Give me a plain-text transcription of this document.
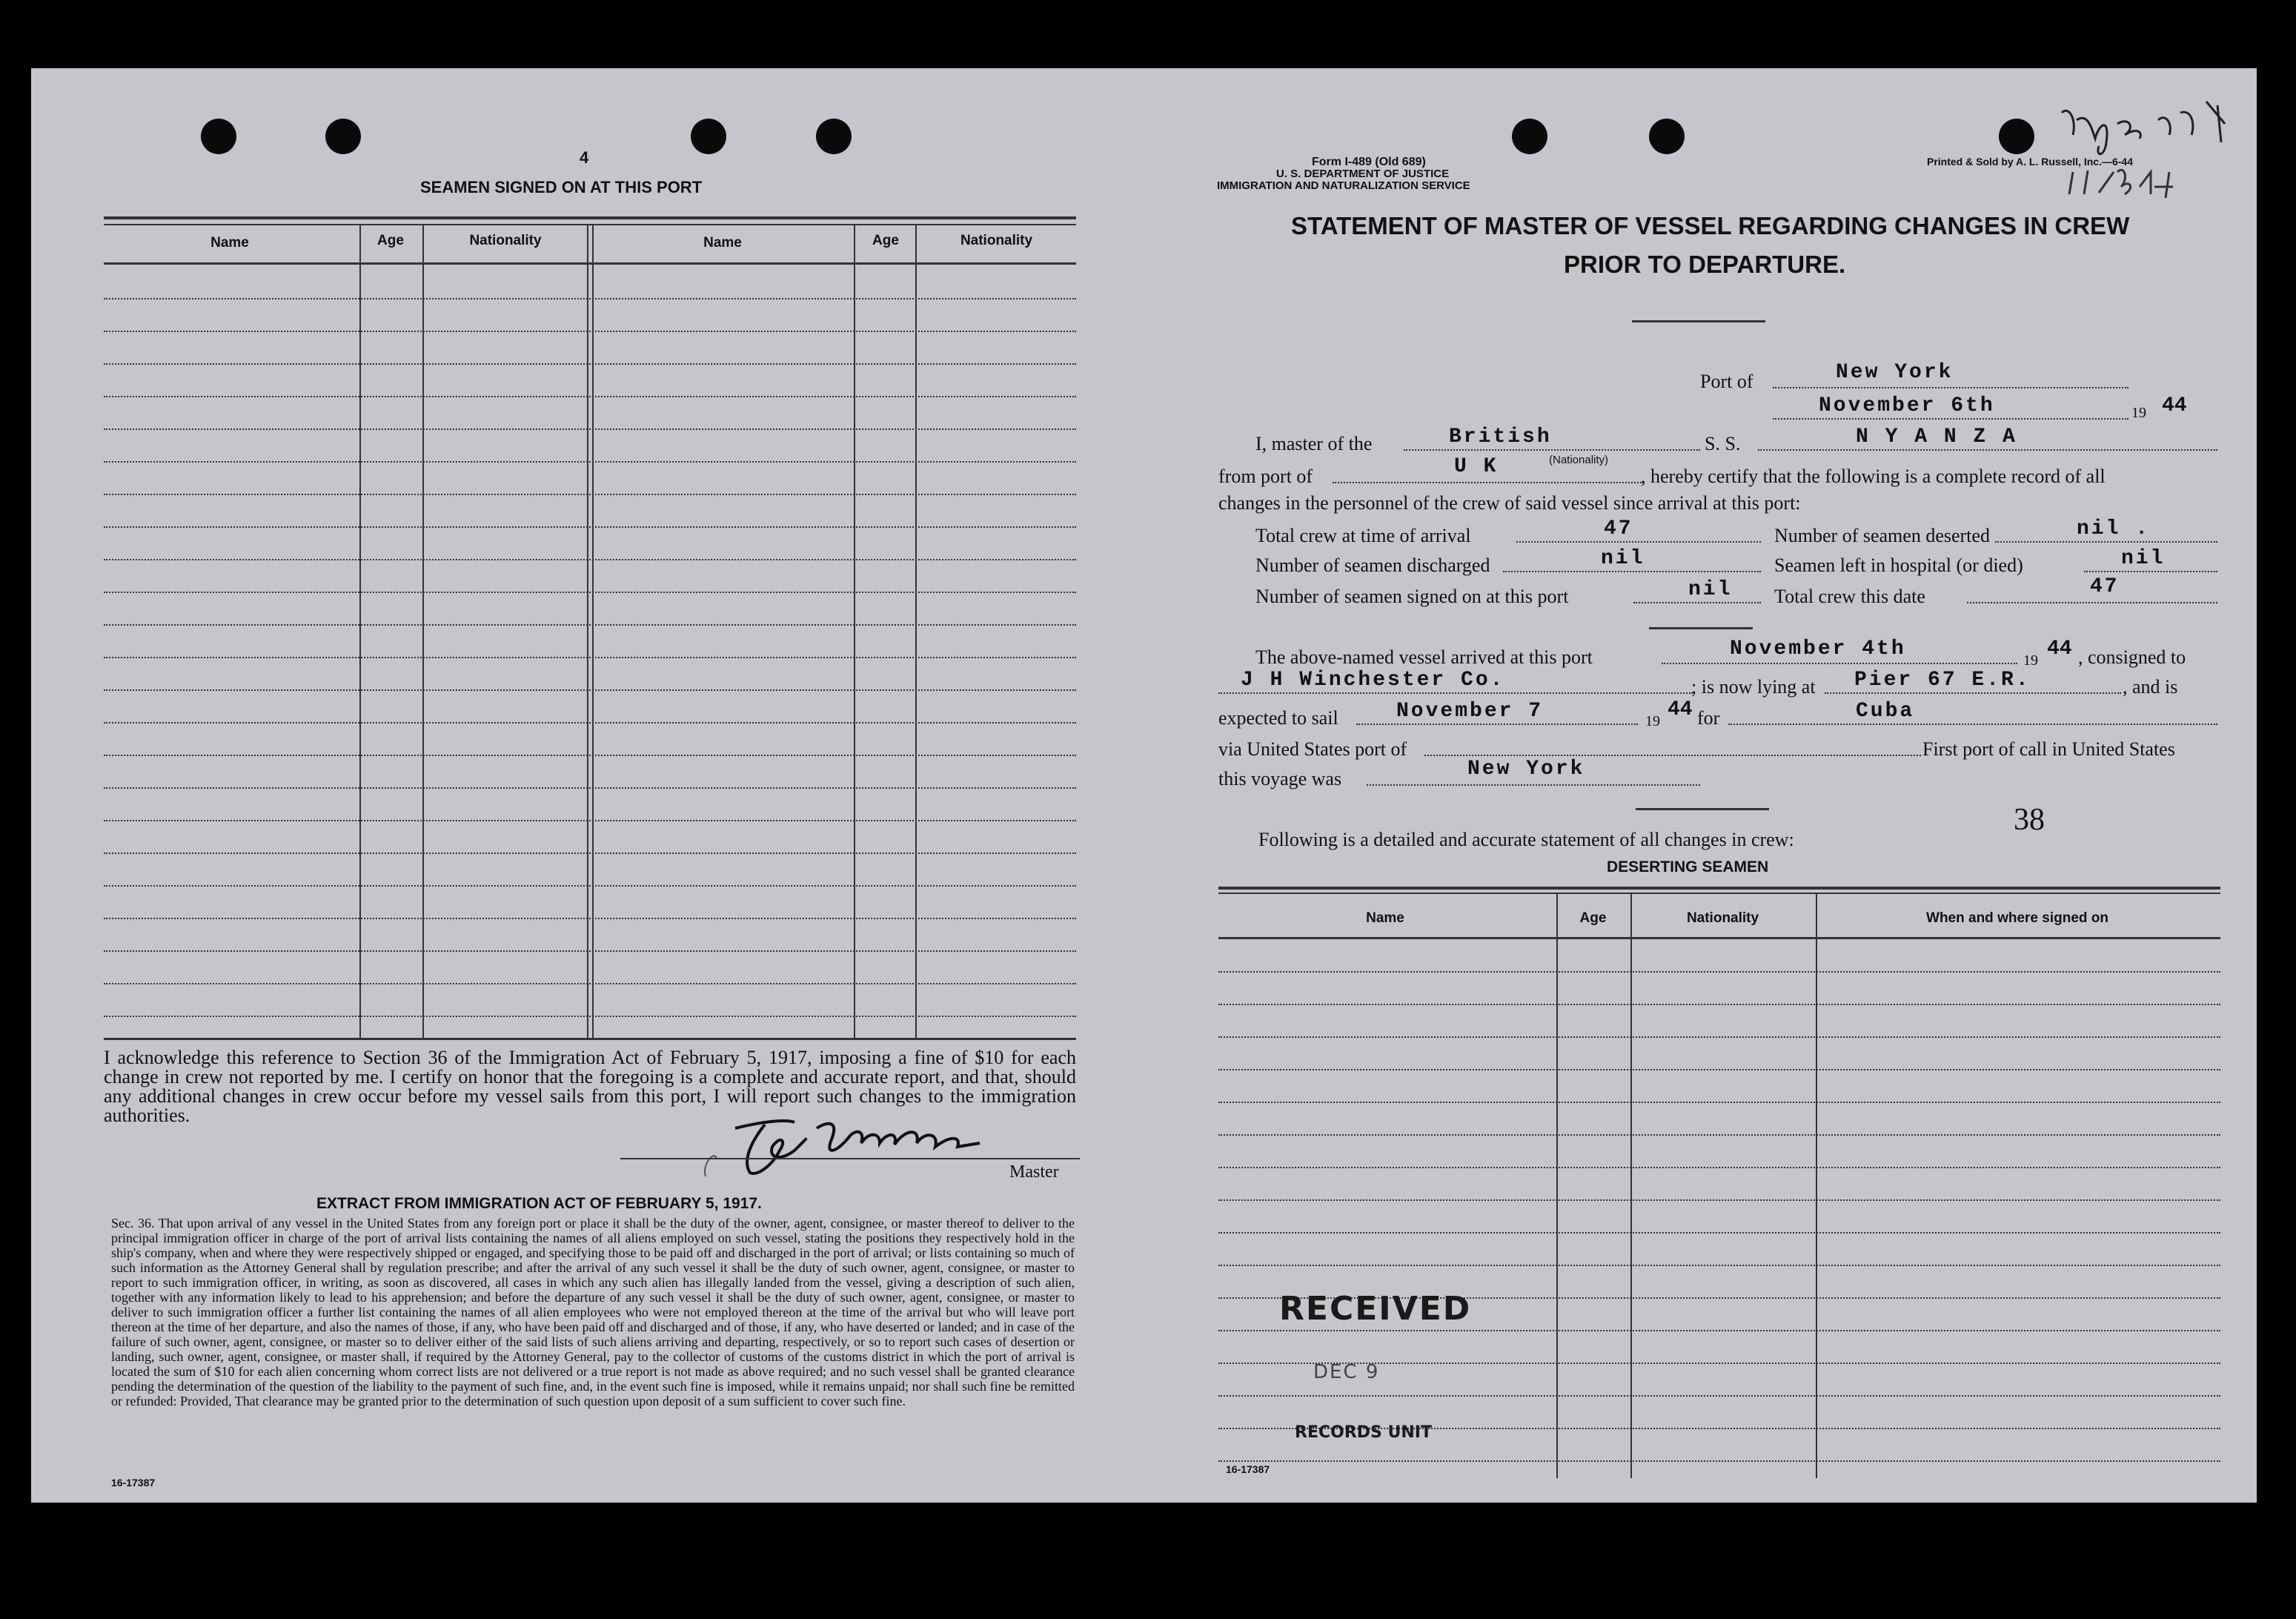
4
SEAMEN SIGNED ON AT THIS PORT
Name	Age	Nationality	Name	Age	Nationality
I acknowledge this reference to Section 36 of the Immigration Act of February 5, 1917, imposing a fine of $10 for each change in crew not reported by me. I certify on honor that the foregoing is a complete and accurate report, and that, should any additional changes in crew occur before my vessel sails from this port, I will report such changes to the immigration authorities.
Master
EXTRACT FROM IMMIGRATION ACT OF FEBRUARY 5, 1917.
Sec. 36. That upon arrival of any vessel in the United States from any foreign port or place it shall be the duty of the owner, agent, consignee, or master thereof to deliver to the principal immigration officer in charge of the port of arrival lists containing the names of all aliens employed on such vessel, stating the positions they respectively hold in the ship's company, when and where they were respectively shipped or engaged, and specifying those to be paid off and discharged in the port of arrival; or lists containing so much of such information as the Attorney General shall by regulation prescribe; and after the arrival of any such vessel it shall be the duty of such owner, agent, consignee, or master to report to such immigration officer, in writing, as soon as discovered, all cases in which any such alien has illegally landed from the vessel, giving a description of such alien, together with any information likely to lead to his apprehension; and before the departure of any such vessel it shall be the duty of such owner, agent, consignee, or master to deliver to such immigration officer a further list containing the names of all alien employees who were not employed thereon at the time of the arrival but who will leave port thereon at the time of her departure, and also the names of those, if any, who have been paid off and discharged and of those, if any, who have deserted or landed; and in case of the failure of such owner, agent, consignee, or master so to deliver either of the said lists of such aliens arriving and departing, respectively, or so to report such cases of desertion or landing, such owner, agent, consignee, or master shall, if required by the Attorney General, pay to the collector of customs of the customs district in which the port of arrival is located the sum of $10 for each alien concerning whom correct lists are not delivered or a true report is not made as above required; and no such vessel shall be granted clearance pending the determination of the question of the liability to the payment of such fine, and, in the event such fine is imposed, while it remains unpaid; nor shall such fine be remitted or refunded: Provided, That clearance may be granted prior to the determination of such question upon deposit of a sum sufficient to cover such fine.
16-17387
Form I-489 (Old 689)
U. S. DEPARTMENT OF JUSTICE
IMMIGRATION AND NATURALIZATION SERVICE
Printed & Sold by A. L. Russell, Inc.—6-44
STATEMENT OF MASTER OF VESSEL REGARDING CHANGES IN CREW
PRIOR TO DEPARTURE.
Port of	New York
November 6th	19 44
I, master of the	British	S. S.	N Y A N Z A
from port of	U K	(Nationality)
, hereby certify that the following is a complete record of all
changes in the personnel of the crew of said vessel since arrival at this port:
Total crew at time of arrival	47	Number of seamen deserted	nil .
Number of seamen discharged	nil	Seamen left in hospital (or died)	nil
Number of seamen signed on at this port	nil Total crew this date	47
The above-named vessel arrived at this port	November 4th	19 44 , consigned to
J H Winchester Co.	; is now lying at Pier 67 E.R.	, and is
expected to sail	November 7	19 44 for	Cuba
via United States port of	First port of call in United States
this voyage was	New York
38
Following is a detailed and accurate statement of all changes in crew:
DESERTING SEAMEN
Name	Age	Nationality	When and where signed on
RECEIVED
DEC 9
RECORDS UNIT
16-17387
